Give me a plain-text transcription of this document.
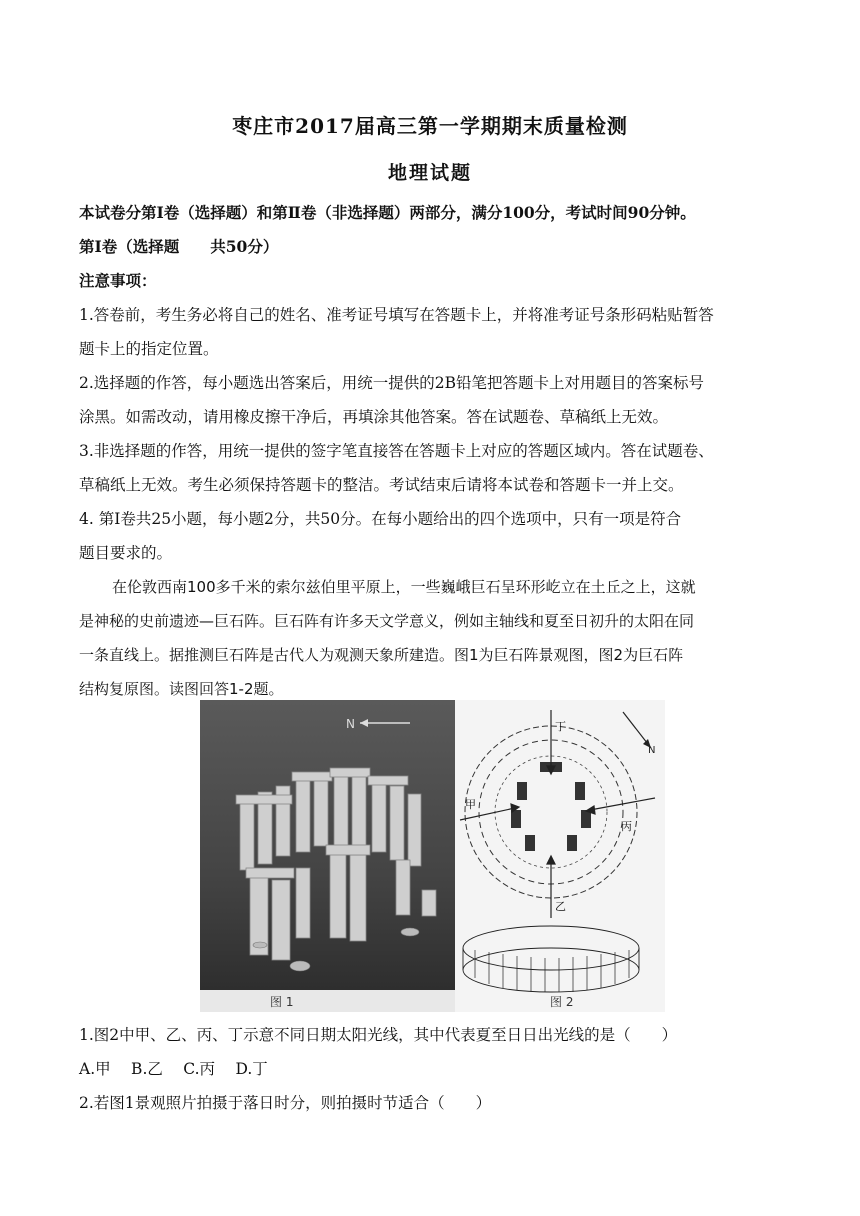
枣庄市2017届高三第一学期期末质量检测
地理试题
本试卷分第Ⅰ卷（选择题）和第Ⅱ卷（非选择题）两部分，满分100分，考试时间90分钟。
第Ⅰ卷（选择题　　共50分）
注意事项：
1.答卷前，考生务必将自己的姓名、准考证号填写在答题卡上，并将准考证号条形码粘贴暂答
题卡上的指定位置。
2.选择题的作答，每小题选出答案后，用统一提供的2B铅笔把答题卡上对用题目的答案标号
涂黑。如需改动，请用橡皮擦干净后，再填涂其他答案。答在试题卷、草稿纸上无效。
3.非选择题的作答，用统一提供的签字笔直接答在答题卡上对应的答题区域内。答在试题卷、
草稿纸上无效。考生必须保持答题卡的整洁。考试结束后请将本试卷和答题卡一并上交。
4. 第Ⅰ卷共25小题，每小题2分，共50分。在每小题给出的四个选项中，只有一项是符合
题目要求的。
在伦敦西南100多千米的索尔兹伯里平原上，一些巍峨巨石呈环形屹立在土丘之上，这就
是神秘的史前遗迹—巨石阵。巨石阵有许多天文学意义，例如主轴线和夏至日初升的太阳在同
一条直线上。据推测巨石阵是古代人为观测天象所建造。图1为巨石阵景观图，图2为巨石阵
结构复原图。读图回答1-2题。
N
图 1
N
丁
甲
丙
乙
图 2
1.图2中甲、乙、丙、丁示意不同日期太阳光线，其中代表夏至日日出光线的是（　　）
A.甲　 B.乙　 C.丙　 D.丁
2.若图1景观照片拍摄于落日时分，则拍摄时节适合（　　）
